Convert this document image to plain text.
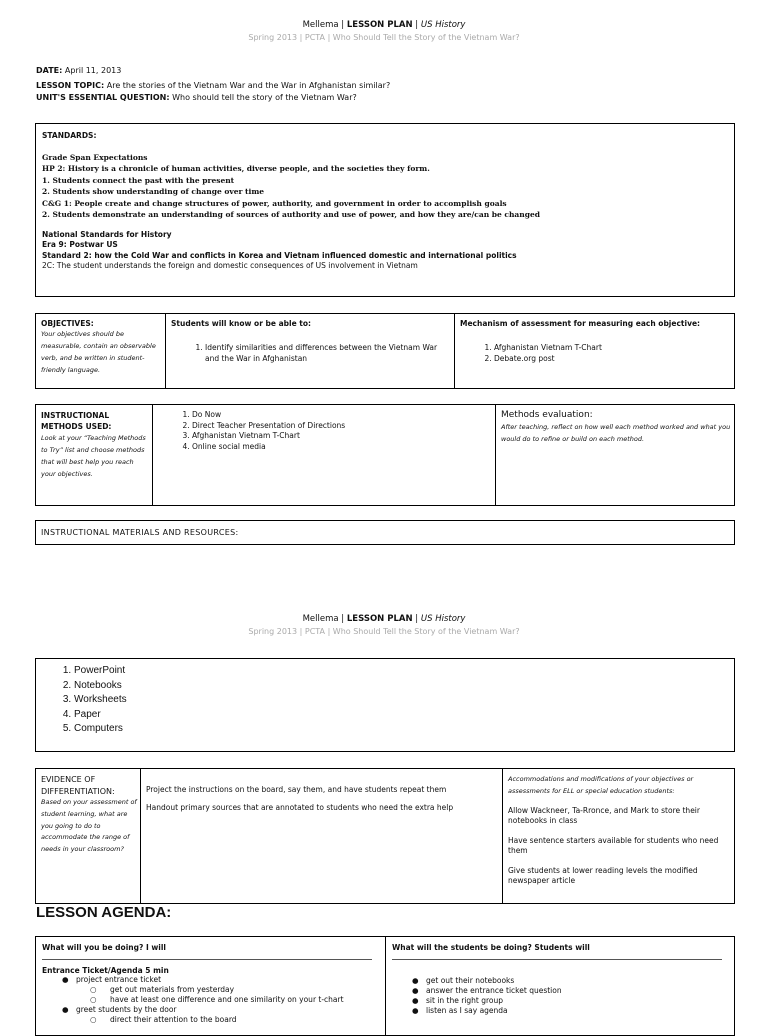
Mellema | LESSON PLAN | US History
Spring 2013 | PCTA | Who Should Tell the Story of the Vietnam War?
DATE: April 11, 2013
LESSON TOPIC: Are the stories of the Vietnam War and the War in Afghanistan similar?
UNIT'S ESSENTIAL QUESTION: Who should tell the story of the Vietnam War?
STANDARDS:
Grade Span Expectations
HP 2: History is a chronicle of human activities, diverse people, and the societies they form.
1. Students connect the past with the present
2. Students show understanding of change over time
C&G 1: People create and change structures of power, authority, and government in order to accomplish goals
2. Students demonstrate an understanding of sources of authority and use of power, and how they are/can be changed
National Standards for History
Era 9: Postwar US
Standard 2: how the Cold War and conflicts in Korea and Vietnam influenced domestic and international politics
2C: The student understands the foreign and domestic consequences of US involvement in Vietnam
OBJECTIVES:
Your objectives should be measurable, contain an observable verb, and be written in student-friendly language.
Students will know or be able to:
1. Identify similarities and differences between the Vietnam War and the War in Afghanistan
Mechanism of assessment for measuring each objective:
1. Afghanistan Vietnam T-Chart
2. Debate.org post
INSTRUCTIONAL
METHODS USED:
Look at your “Teaching Methods to Try” list and choose methods that will best help you reach your objectives.
1. Do Now
2. Direct Teacher Presentation of Directions
3. Afghanistan Vietnam T-Chart
4. Online social media
Methods evaluation:
After teaching, reflect on how well each method worked and what you would do to refine or build on each method.
INSTRUCTIONAL MATERIALS AND RESOURCES:
Mellema | LESSON PLAN | US History
Spring 2013 | PCTA | Who Should Tell the Story of the Vietnam War?
1. PowerPoint
2. Notebooks
3. Worksheets
4. Paper
5. Computers
EVIDENCE OF
DIFFERENTIATION:
Based on your assessment of student learning, what are you going to do to accommodate the range of needs in your classroom?
Project the instructions on the board, say them, and have students repeat them
Handout primary sources that are annotated to students who need the extra help
Accommodations and modifications of your objectives or assessments for ELL or special education students:
Allow Wackneer, Ta-Rronce, and Mark to store their notebooks in class
Have sentence starters available for students who need them
Give students at lower reading levels the modified newspaper article
LESSON AGENDA:
What will you be doing? I will
Entrance Ticket/Agenda 5 min
● project entrance ticket
○ get out materials from yesterday
○ have at least one difference and one similarity on your t-chart
● greet students by the door
○ direct their attention to the board
What will the students be doing? Students will
● get out their notebooks
● answer the entrance ticket question
● sit in the right group
● listen as I say agenda
